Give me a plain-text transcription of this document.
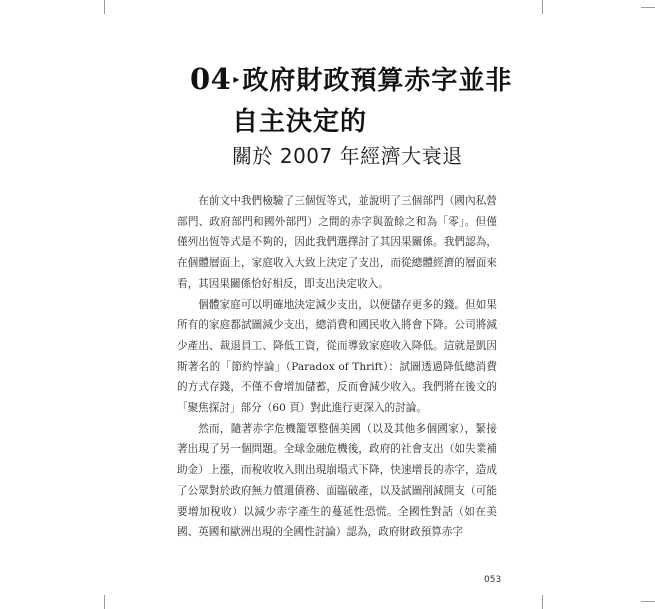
04 ▸ 政府財政預算赤字並非
自主決定的
關於 2007 年經濟大衰退

在前文中我們檢驗了三個恆等式，並說明了三個部門（國內私營部門、政府部門和國外部門）之間的赤字與盈餘之和為「零」。但僅僅列出恆等式是不夠的，因此我們選擇討了其因果關係。我們認為，在個體層面上，家庭收入大致上決定了支出，而從總體經濟的層面來看，其因果關係恰好相反，即支出決定收入。

個體家庭可以明確地決定減少支出，以便儲存更多的錢。但如果所有的家庭都試圖減少支出，總消費和國民收入將會下降。公司將減少產出、裁退員工、降低工資，從而導致家庭收入降低。這就是凱因斯著名的「節約悖論」（Paradox of Thrift）：試圖透過降低總消費的方式存錢，不僅不會增加儲蓄，反而會減少收入。我們將在後文的「聚焦探討」部分（60 頁）對此進行更深入的討論。

然而，隨著赤字危機籠罩整個美國（以及其他多個國家），緊接著出現了另一個問題。全球金融危機後，政府的社會支出（如失業補助金）上漲，而稅收收入則出現崩塌式下降，快速增長的赤字，造成了公眾對於政府無力償還債務、面臨破產，以及試圖削減開支（可能要增加稅收）以減少赤字產生的蔓延性恐慌。全國性對話（如在美國、英國和歐洲出現的全國性討論）認為，政府財政預算赤字

053
